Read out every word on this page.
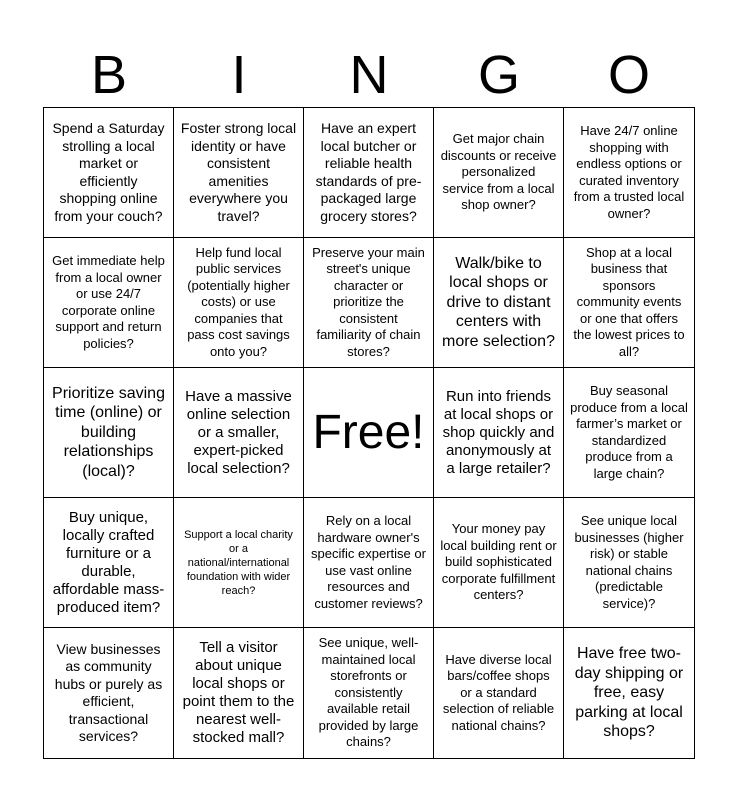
B	I	N	G	O
Spend a Saturday strolling a local market or efficiently shopping online from your couch?
Foster strong local identity or have consistent amenities everywhere you travel?
Have an expert local butcher or reliable health standards of pre-packaged large grocery stores?
Get major chain discounts or receive personalized service from a local shop owner?
Have 24/7 online shopping with endless options or curated inventory from a trusted local owner?
Get immediate help from a local owner or use 24/7 corporate online support and return policies?
Help fund local public services (potentially higher costs) or use companies that pass cost savings onto you?
Preserve your main street's unique character or prioritize the consistent familiarity of chain stores?
Walk/bike to local shops or drive to distant centers with more selection?
Shop at a local business that sponsors community events or one that offers the lowest prices to all?
Prioritize saving time (online) or building relationships (local)?
Have a massive online selection or a smaller, expert-picked local selection?
Free!
Run into friends at local shops or shop quickly and anonymously at a large retailer?
Buy seasonal produce from a local farmer’s market or standardized produce from a large chain?
Buy unique, locally crafted furniture or a durable, affordable mass-produced item?
Support a local charity or a national/international foundation with wider reach?
Rely on a local hardware owner's specific expertise or use vast online resources and customer reviews?
Your money pay local building rent or build sophisticated corporate fulfillment centers?
See unique local businesses (higher risk) or stable national chains (predictable service)?
View businesses as community hubs or purely as efficient, transactional services?
Tell a visitor about unique local shops or point them to the nearest well-stocked mall?
See unique, well-maintained local storefronts or consistently available retail provided by large chains?
Have diverse local bars/coffee shops or a standard selection of reliable national chains?
Have free two-day shipping or free, easy parking at local shops?
